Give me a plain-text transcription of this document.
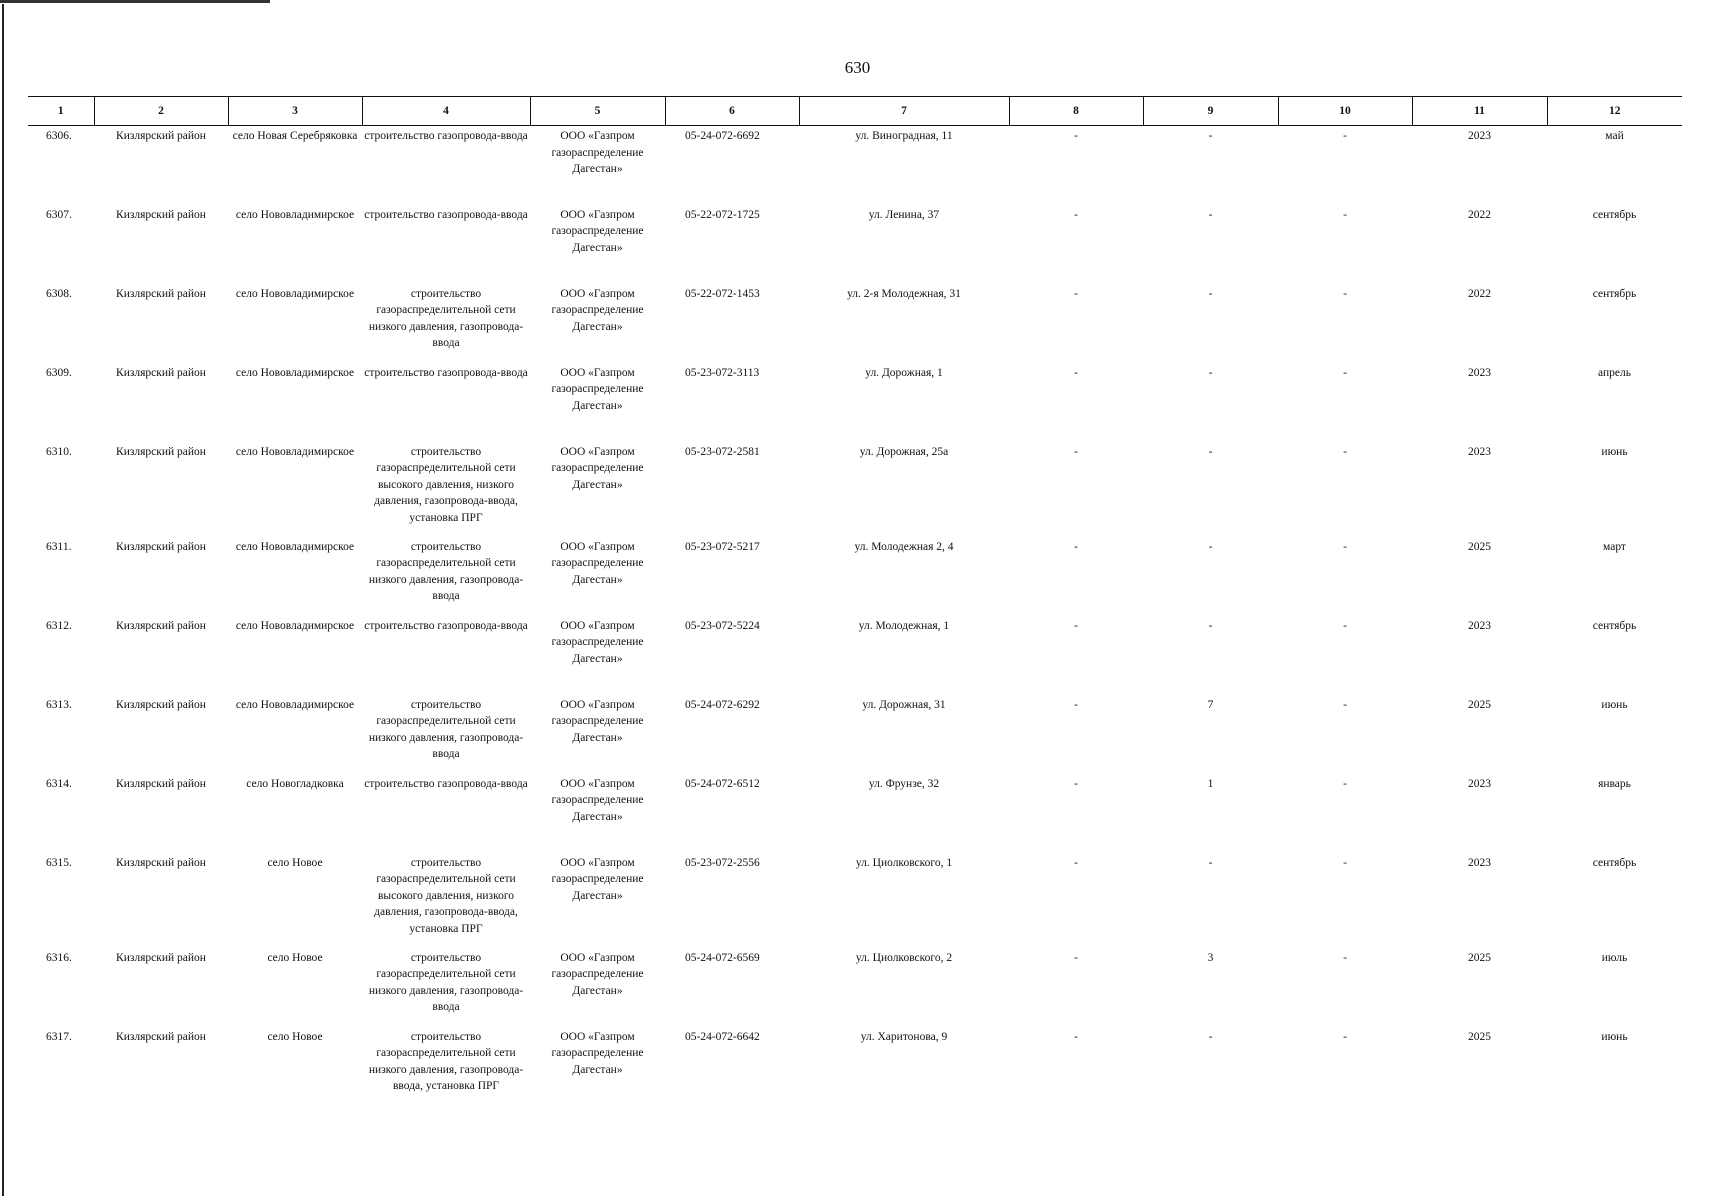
630
1	2	3	4	5	6	7	8	9	10	11	12
6306.	Кизлярский район	село Новая Серебряковка	строительство газопровода-ввода	ООО «Газпром газораспределение Дагестан»	05-24-072-6692	ул. Виноградная, 11	-	-	-	2023	май
6307.	Кизлярский район	село Нововладимирское	строительство газопровода-ввода	ООО «Газпром газораспределение Дагестан»	05-22-072-1725	ул. Ленина, 37	-	-	-	2022	сентябрь
6308.	Кизлярский район	село Нововладимирское	строительство газораспределительной сети низкого давления, газопровода-ввода	ООО «Газпром газораспределение Дагестан»	05-22-072-1453	ул. 2-я Молодежная, 31	-	-	-	2022	сентябрь
6309.	Кизлярский район	село Нововладимирское	строительство газопровода-ввода	ООО «Газпром газораспределение Дагестан»	05-23-072-3113	ул. Дорожная, 1	-	-	-	2023	апрель
6310.	Кизлярский район	село Нововладимирское	строительство газораспределительной сети высокого давления, низкого давления, газопровода-ввода, установка ПРГ	ООО «Газпром газораспределение Дагестан»	05-23-072-2581	ул. Дорожная, 25а	-	-	-	2023	июнь
6311.	Кизлярский район	село Нововладимирское	строительство газораспределительной сети низкого давления, газопровода-ввода	ООО «Газпром газораспределение Дагестан»	05-23-072-5217	ул. Молодежная 2, 4	-	-	-	2025	март
6312.	Кизлярский район	село Нововладимирское	строительство газопровода-ввода	ООО «Газпром газораспределение Дагестан»	05-23-072-5224	ул. Молодежная, 1	-	-	-	2023	сентябрь
6313.	Кизлярский район	село Нововладимирское	строительство газораспределительной сети низкого давления, газопровода-ввода	ООО «Газпром газораспределение Дагестан»	05-24-072-6292	ул. Дорожная, 31	-	7	-	2025	июнь
6314.	Кизлярский район	село Новогладковка	строительство газопровода-ввода	ООО «Газпром газораспределение Дагестан»	05-24-072-6512	ул. Фрунзе, 32	-	1	-	2023	январь
6315.	Кизлярский район	село Новое	строительство газораспределительной сети высокого давления, низкого давления, газопровода-ввода, установка ПРГ	ООО «Газпром газораспределение Дагестан»	05-23-072-2556	ул. Циолковского, 1	-	-	-	2023	сентябрь
6316.	Кизлярский район	село Новое	строительство газораспределительной сети низкого давления, газопровода-ввода	ООО «Газпром газораспределение Дагестан»	05-24-072-6569	ул. Циолковского, 2	-	3	-	2025	июль
6317.	Кизлярский район	село Новое	строительство газораспределительной сети низкого давления, газопровода-ввода, установка ПРГ	ООО «Газпром газораспределение Дагестан»	05-24-072-6642	ул. Харитонова, 9	-	-	-	2025	июнь
